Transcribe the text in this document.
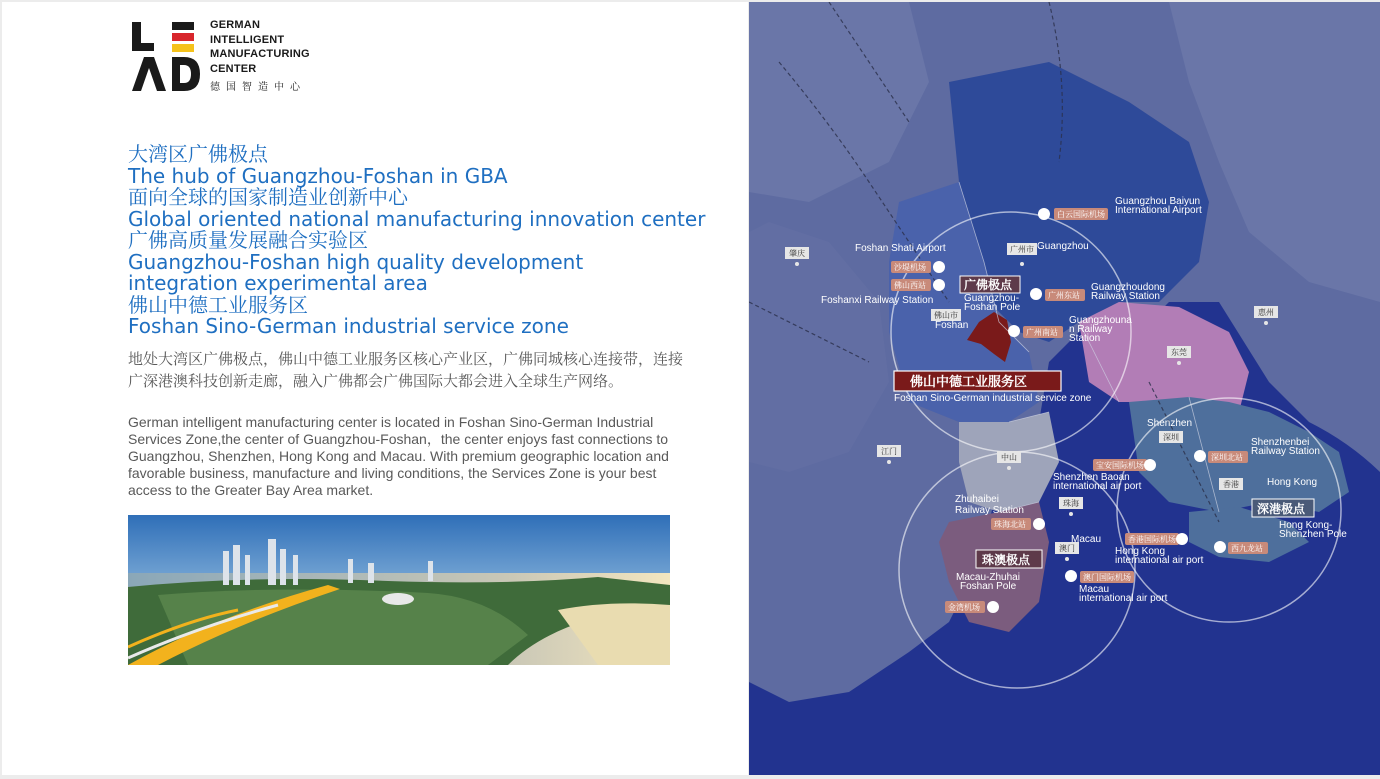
GERMAN
INTELLIGENT
MANUFACTURING
CENTER
德国智造中心
大湾区广佛极点
The hub of Guangzhou-Foshan in GBA
面向全球的国家制造业创新中心
Global oriented national manufacturing innovation center
广佛高质量发展融合实验区
Guangzhou-Foshan high quality development
integration experimental area
佛山中德工业服务区
Foshan Sino-German industrial service zone
地处大湾区广佛极点，佛山中德工业服务区核心产业区，广佛同城核心连接带，连接广深港澳科技创新走廊，融入广佛都会广佛国际大都会进入全球生产网络。
German intelligent manufacturing center is located in Foshan Sino-German Industrial Services Zone,the center of Guangzhou-Foshan，the center enjoys fast connections to Guangzhou, Shenzhen, Hong Kong and Macau. With premium geographic location and favorable business, manufacture and living conditions, the Services Zone is your best access to the Greater Bay Area market.
肇庆	广州市
佛山市	惠州
东莞
江门
中山
深圳
香港
珠海
澳门
Guangzhou
Foshan
Shenzhen
Hong Kong
Macau
沙堤机场
佛山西站
白云国际机场
广州东站
广州南站
宝安国际机场
深圳北站
珠海北站
香港国际机场
西九龙站
澳门国际机场
金湾机场
Foshan Shati Airport
Foshanxi Railway Station
Guangzhou Baiyun
International Airport
Guangzhoudong
Railway Station
Guangzhouna
n Railway
Station
Shenzhen Baoan
international air port
Shenzhenbei
Railway Station
Zhuhaibei
Railway Station
Hong Kong
international air port
Macau
international air port
广佛极点
Guangzhou-
Foshan Pole
佛山中德工业服务区
Foshan Sino-German industrial service zone
珠澳极点
Macau-Zhuhai
Foshan Pole
深港极点
Hong Kong-
Shenzhen Pole
